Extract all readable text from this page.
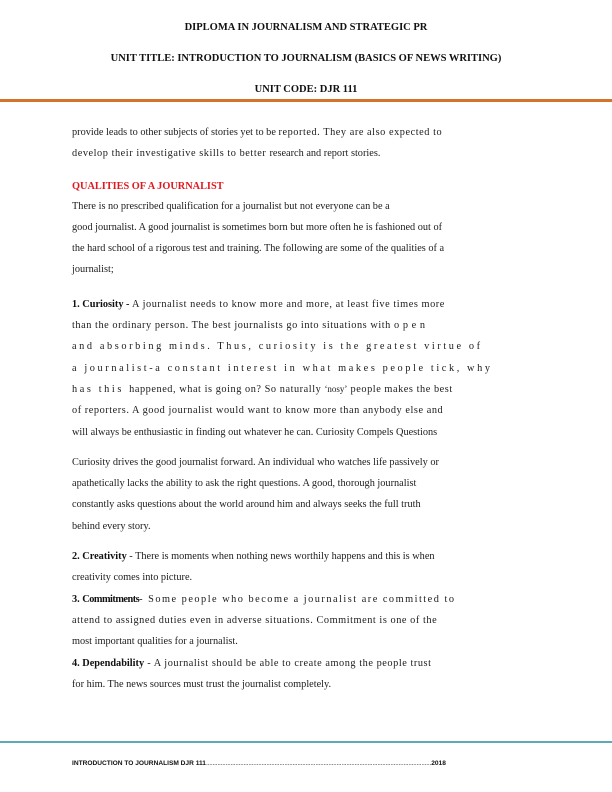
DIPLOMA IN JOURNALISM AND STRATEGIC PR
UNIT TITLE: INTRODUCTION TO JOURNALISM (BASICS OF NEWS WRITING)
UNIT CODE: DJR 111

provide leads to other subjects of stories yet to be reported. They are also expected to
develop their investigative skills to better research and report stories.

QUALITIES OF A JOURNALIST

There is no prescribed qualification for a journalist but not everyone can be a
good journalist. A good journalist is sometimes born but more often he is fashioned out of
the hard school of a rigorous test and training. The following are some of the qualities of a
journalist;

1. Curiosity - A journalist needs to know more and more, at least five times more
than the ordinary person. The best journalists go into situations with o p e n
and absorbing minds. Thus, curiosity is the greatest virtue of
a journalist-a constant interest in what makes people tick, why
has this happened, what is going on? So naturally ‘nosy’ people makes the best
of reporters. A good journalist would want to know more than anybody else and
will always be enthusiastic in finding out whatever he can. Curiosity Compels Questions

Curiosity drives the good journalist forward. An individual who watches life passively or
apathetically lacks the ability to ask the right questions. A good, thorough journalist
constantly asks questions about the world around him and always seeks the full truth
behind every story.

2. Creativity - There is moments when nothing news worthily happens and this is when
creativity comes into picture.

3. Commitments- Some people who become a journalist are committed to
attend to assigned duties even in adverse situations. Commitment is one of the
most important qualities for a journalist.

4. Dependability - A journalist should be able to create among the people trust
for him. The news sources must trust the journalist completely.

INTRODUCTION TO JOURNALISM DJR 111..........................................................................................................................................2018
